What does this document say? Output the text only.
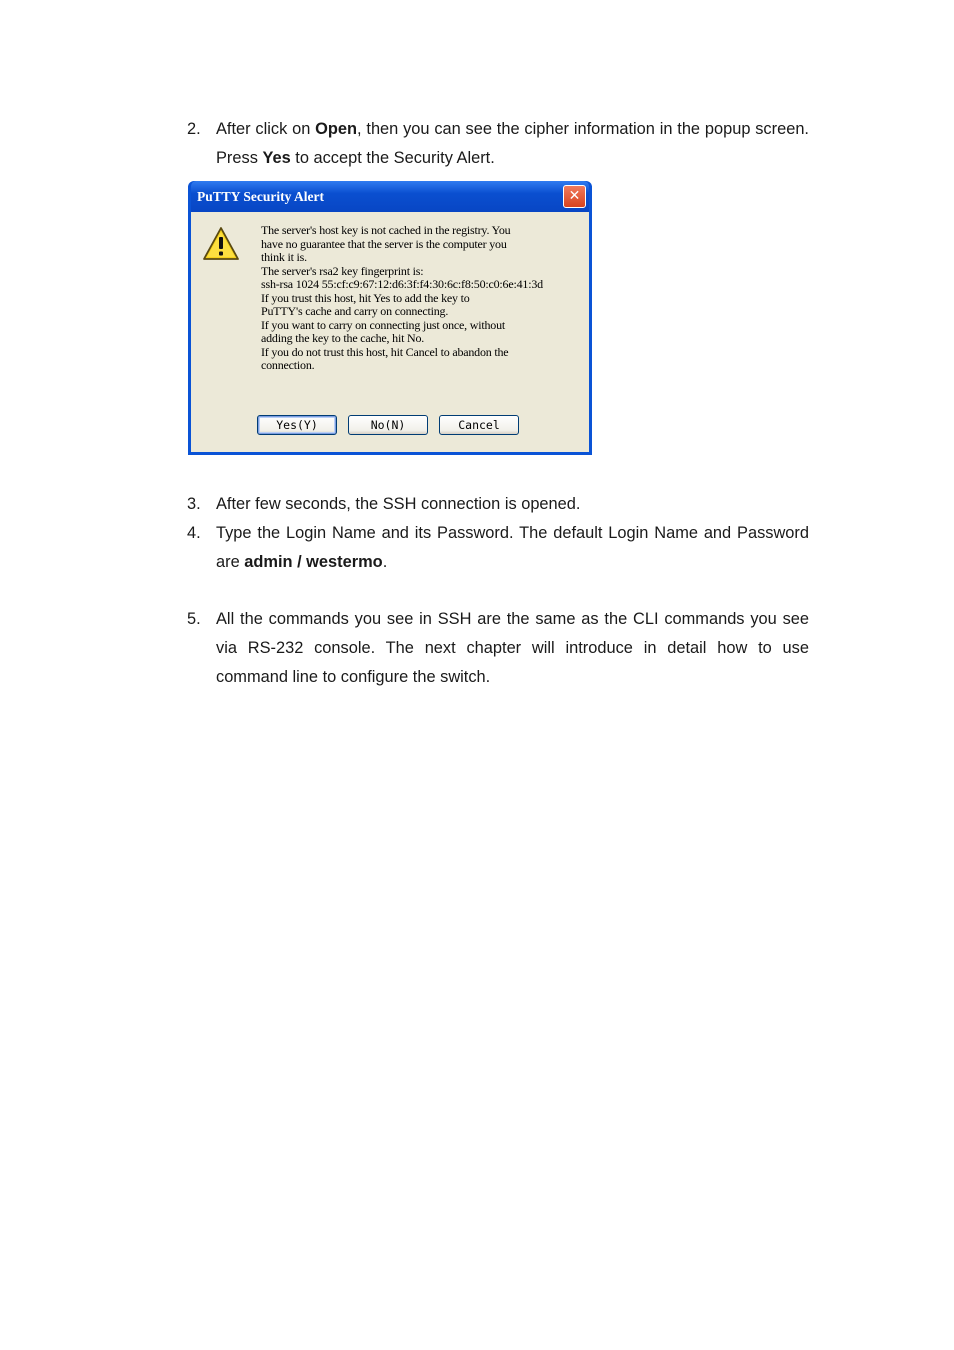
2. After click on Open, then you can see the cipher information in the popup screen. Press Yes to accept the Security Alert.
PuTTY Security Alert	✕
The server's host key is not cached in the registry. You
have no guarantee that the server is the computer you
think it is.
The server's rsa2 key fingerprint is:
ssh-rsa 1024 55:cf:c9:67:12:d6:3f:f4:30:6c:f8:50:c0:6e:41:3d
If you trust this host, hit Yes to add the key to
PuTTY's cache and carry on connecting.
If you want to carry on connecting just once, without
adding the key to the cache, hit No.
If you do not trust this host, hit Cancel to abandon the
connection.
Yes(Y)	No(N)	Cancel
3. After few seconds, the SSH connection is opened.
4. Type the Login Name and its Password. The default Login Name and Password are admin / westermo.
5. All the commands you see in SSH are the same as the CLI commands you see via RS-232 console. The next chapter will introduce in detail how to use command line to configure the switch.
